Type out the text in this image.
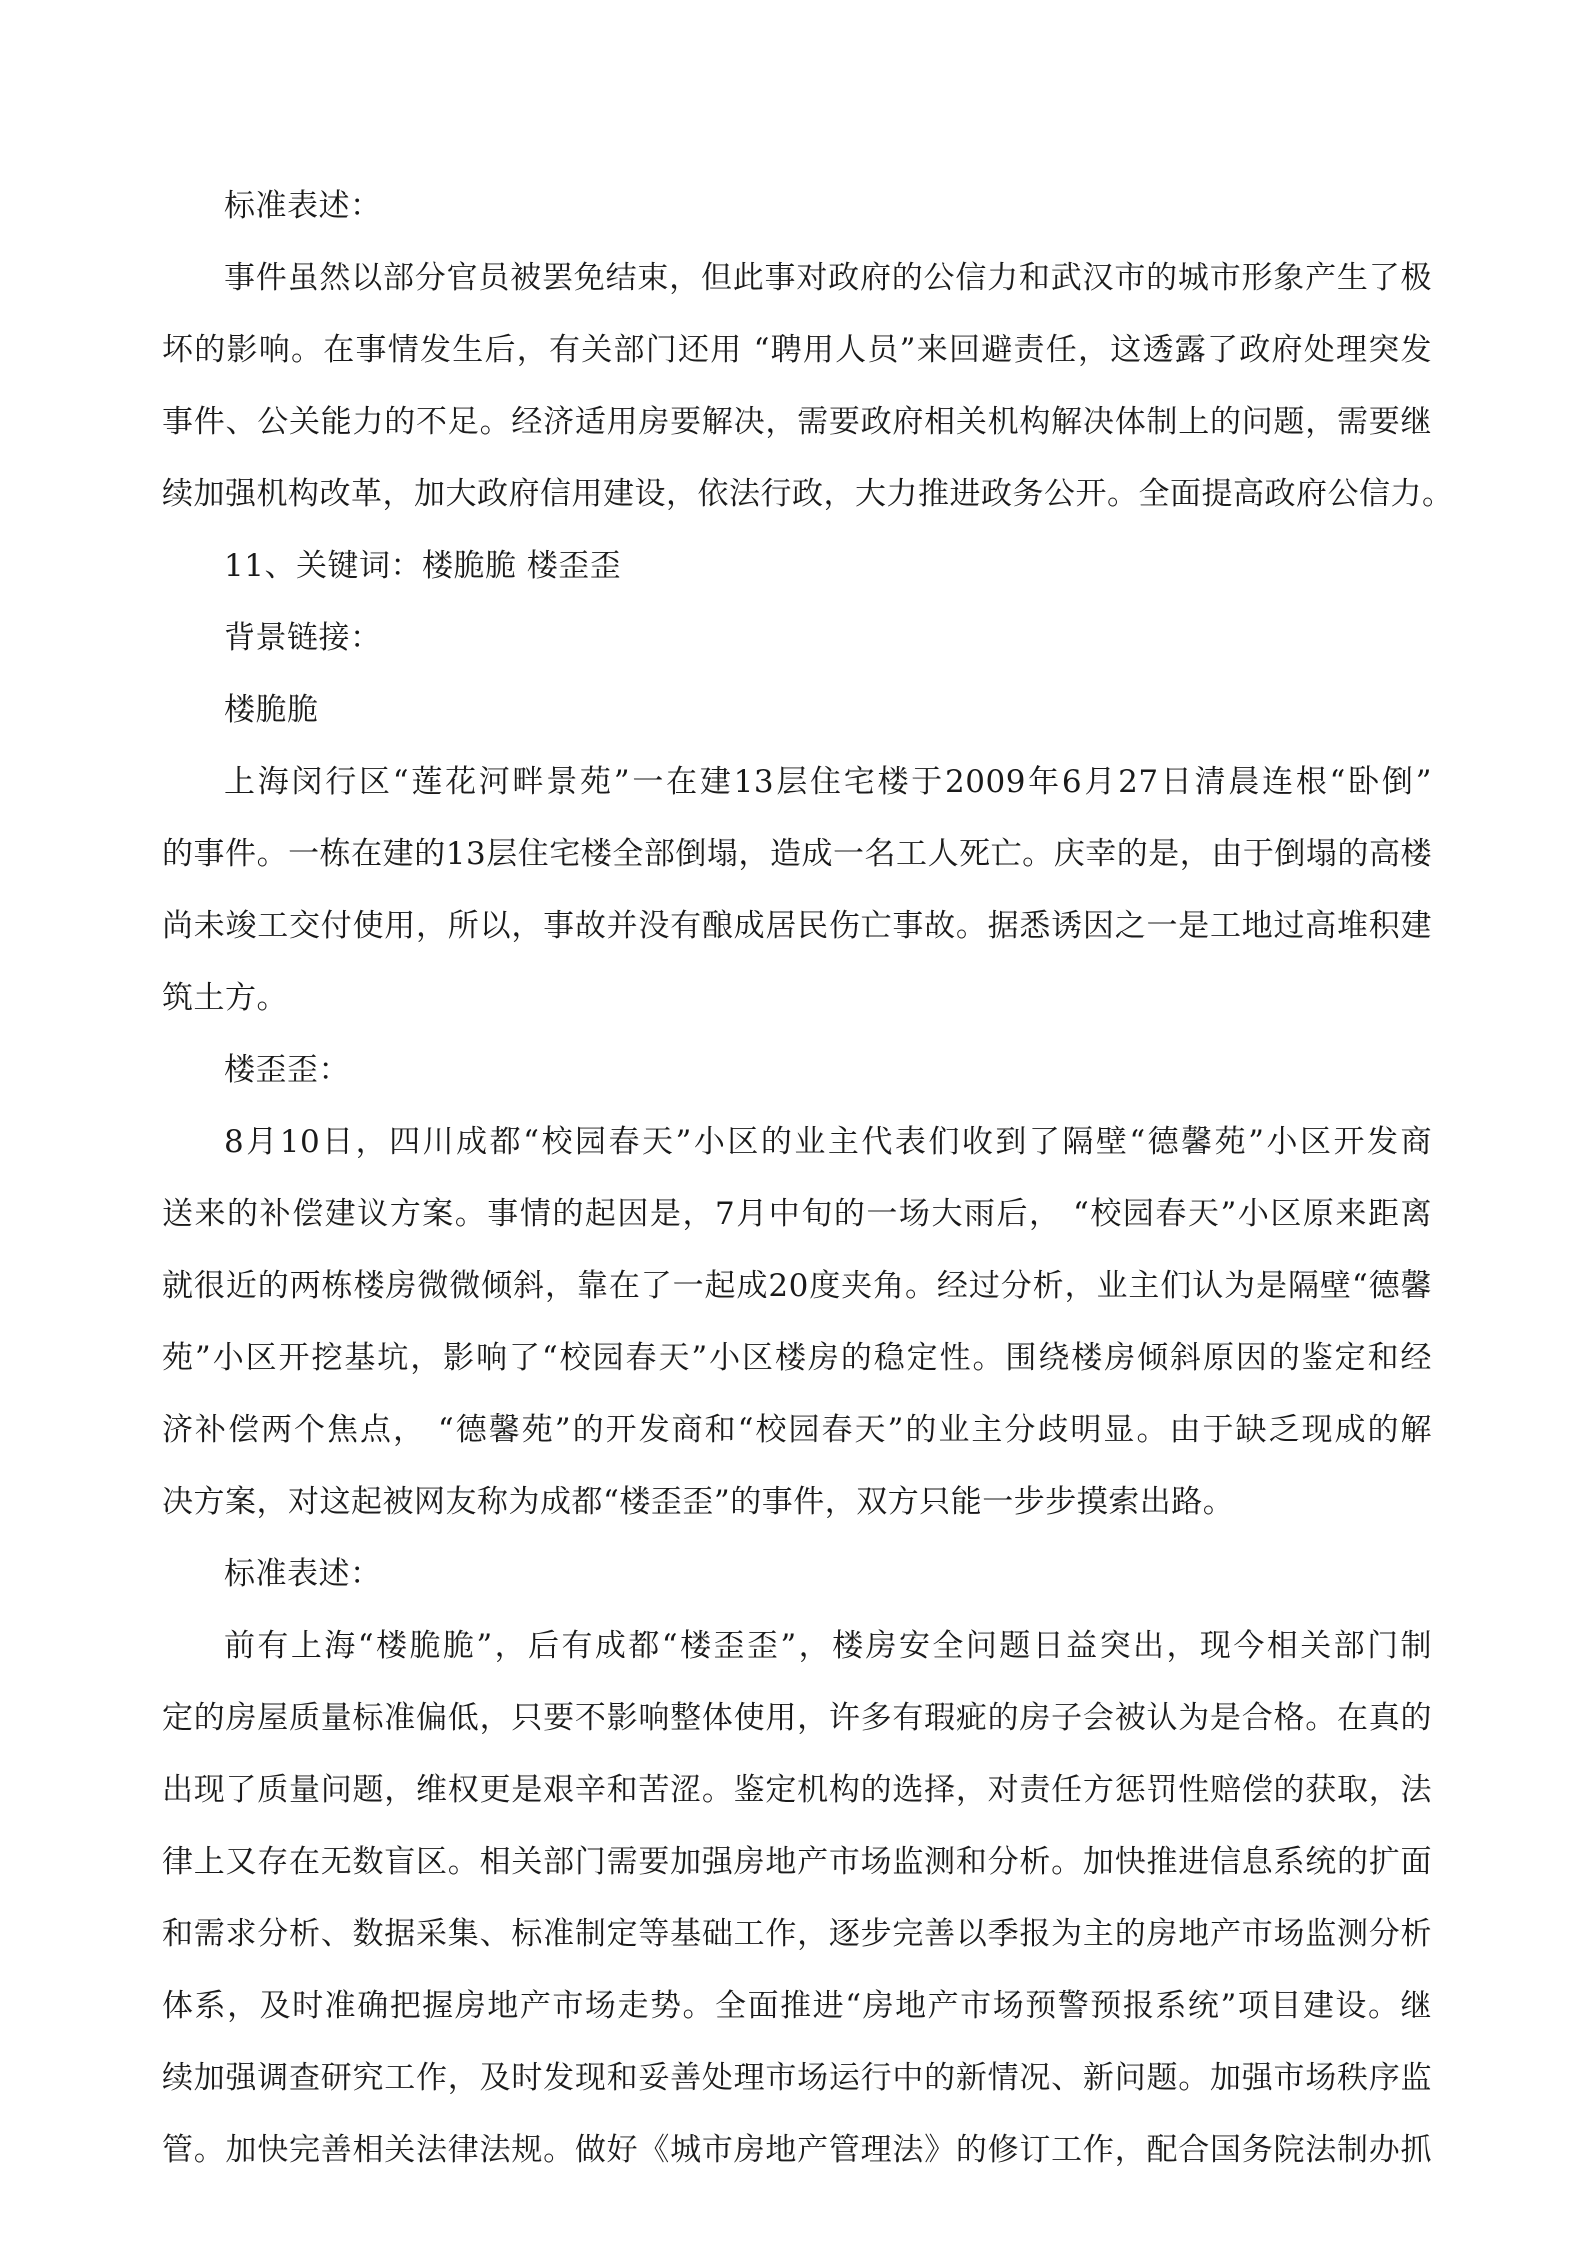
标准表述：
事件虽然以部分官员被罢免结束，但此事对政府的公信力和武汉市的城市形象产生了极
坏的影响。在事情发生后，有关部门还用 “聘用人员”来回避责任，这透露了政府处理突发
事件、公关能力的不足。经济适用房要解决，需要政府相关机构解决体制上的问题，需要继
续加强机构改革，加大政府信用建设，依法行政，大力推进政务公开。全面提高政府公信力。
11、关键词：楼脆脆 楼歪歪
背景链接：
楼脆脆
上海闵行区“莲花河畔景苑”一在建13层住宅楼于2009年6月27日清晨连根“卧倒”
的事件。一栋在建的13层住宅楼全部倒塌，造成一名工人死亡。庆幸的是，由于倒塌的高楼
尚未竣工交付使用，所以，事故并没有酿成居民伤亡事故。据悉诱因之一是工地过高堆积建
筑土方。
楼歪歪：
8月10日，四川成都“校园春天”小区的业主代表们收到了隔壁“德馨苑”小区开发商
送来的补偿建议方案。事情的起因是，7月中旬的一场大雨后， “校园春天”小区原来距离
就很近的两栋楼房微微倾斜，靠在了一起成20度夹角。经过分析，业主们认为是隔壁“德馨
苑”小区开挖基坑，影响了“校园春天”小区楼房的稳定性。围绕楼房倾斜原因的鉴定和经
济补偿两个焦点， “德馨苑”的开发商和“校园春天”的业主分歧明显。由于缺乏现成的解
决方案，对这起被网友称为成都“楼歪歪”的事件，双方只能一步步摸索出路。
标准表述：
前有上海“楼脆脆”，后有成都“楼歪歪”，楼房安全问题日益突出，现今相关部门制
定的房屋质量标准偏低，只要不影响整体使用，许多有瑕疵的房子会被认为是合格。在真的
出现了质量问题，维权更是艰辛和苦涩。鉴定机构的选择，对责任方惩罚性赔偿的获取，法
律上又存在无数盲区。相关部门需要加强房地产市场监测和分析。加快推进信息系统的扩面
和需求分析、数据采集、标准制定等基础工作，逐步完善以季报为主的房地产市场监测分析
体系，及时准确把握房地产市场走势。全面推进“房地产市场预警预报系统”项目建设。继
续加强调查研究工作，及时发现和妥善处理市场运行中的新情况、新问题。加强市场秩序监
管。加快完善相关法律法规。做好《城市房地产管理法》的修订工作，配合国务院法制办抓
